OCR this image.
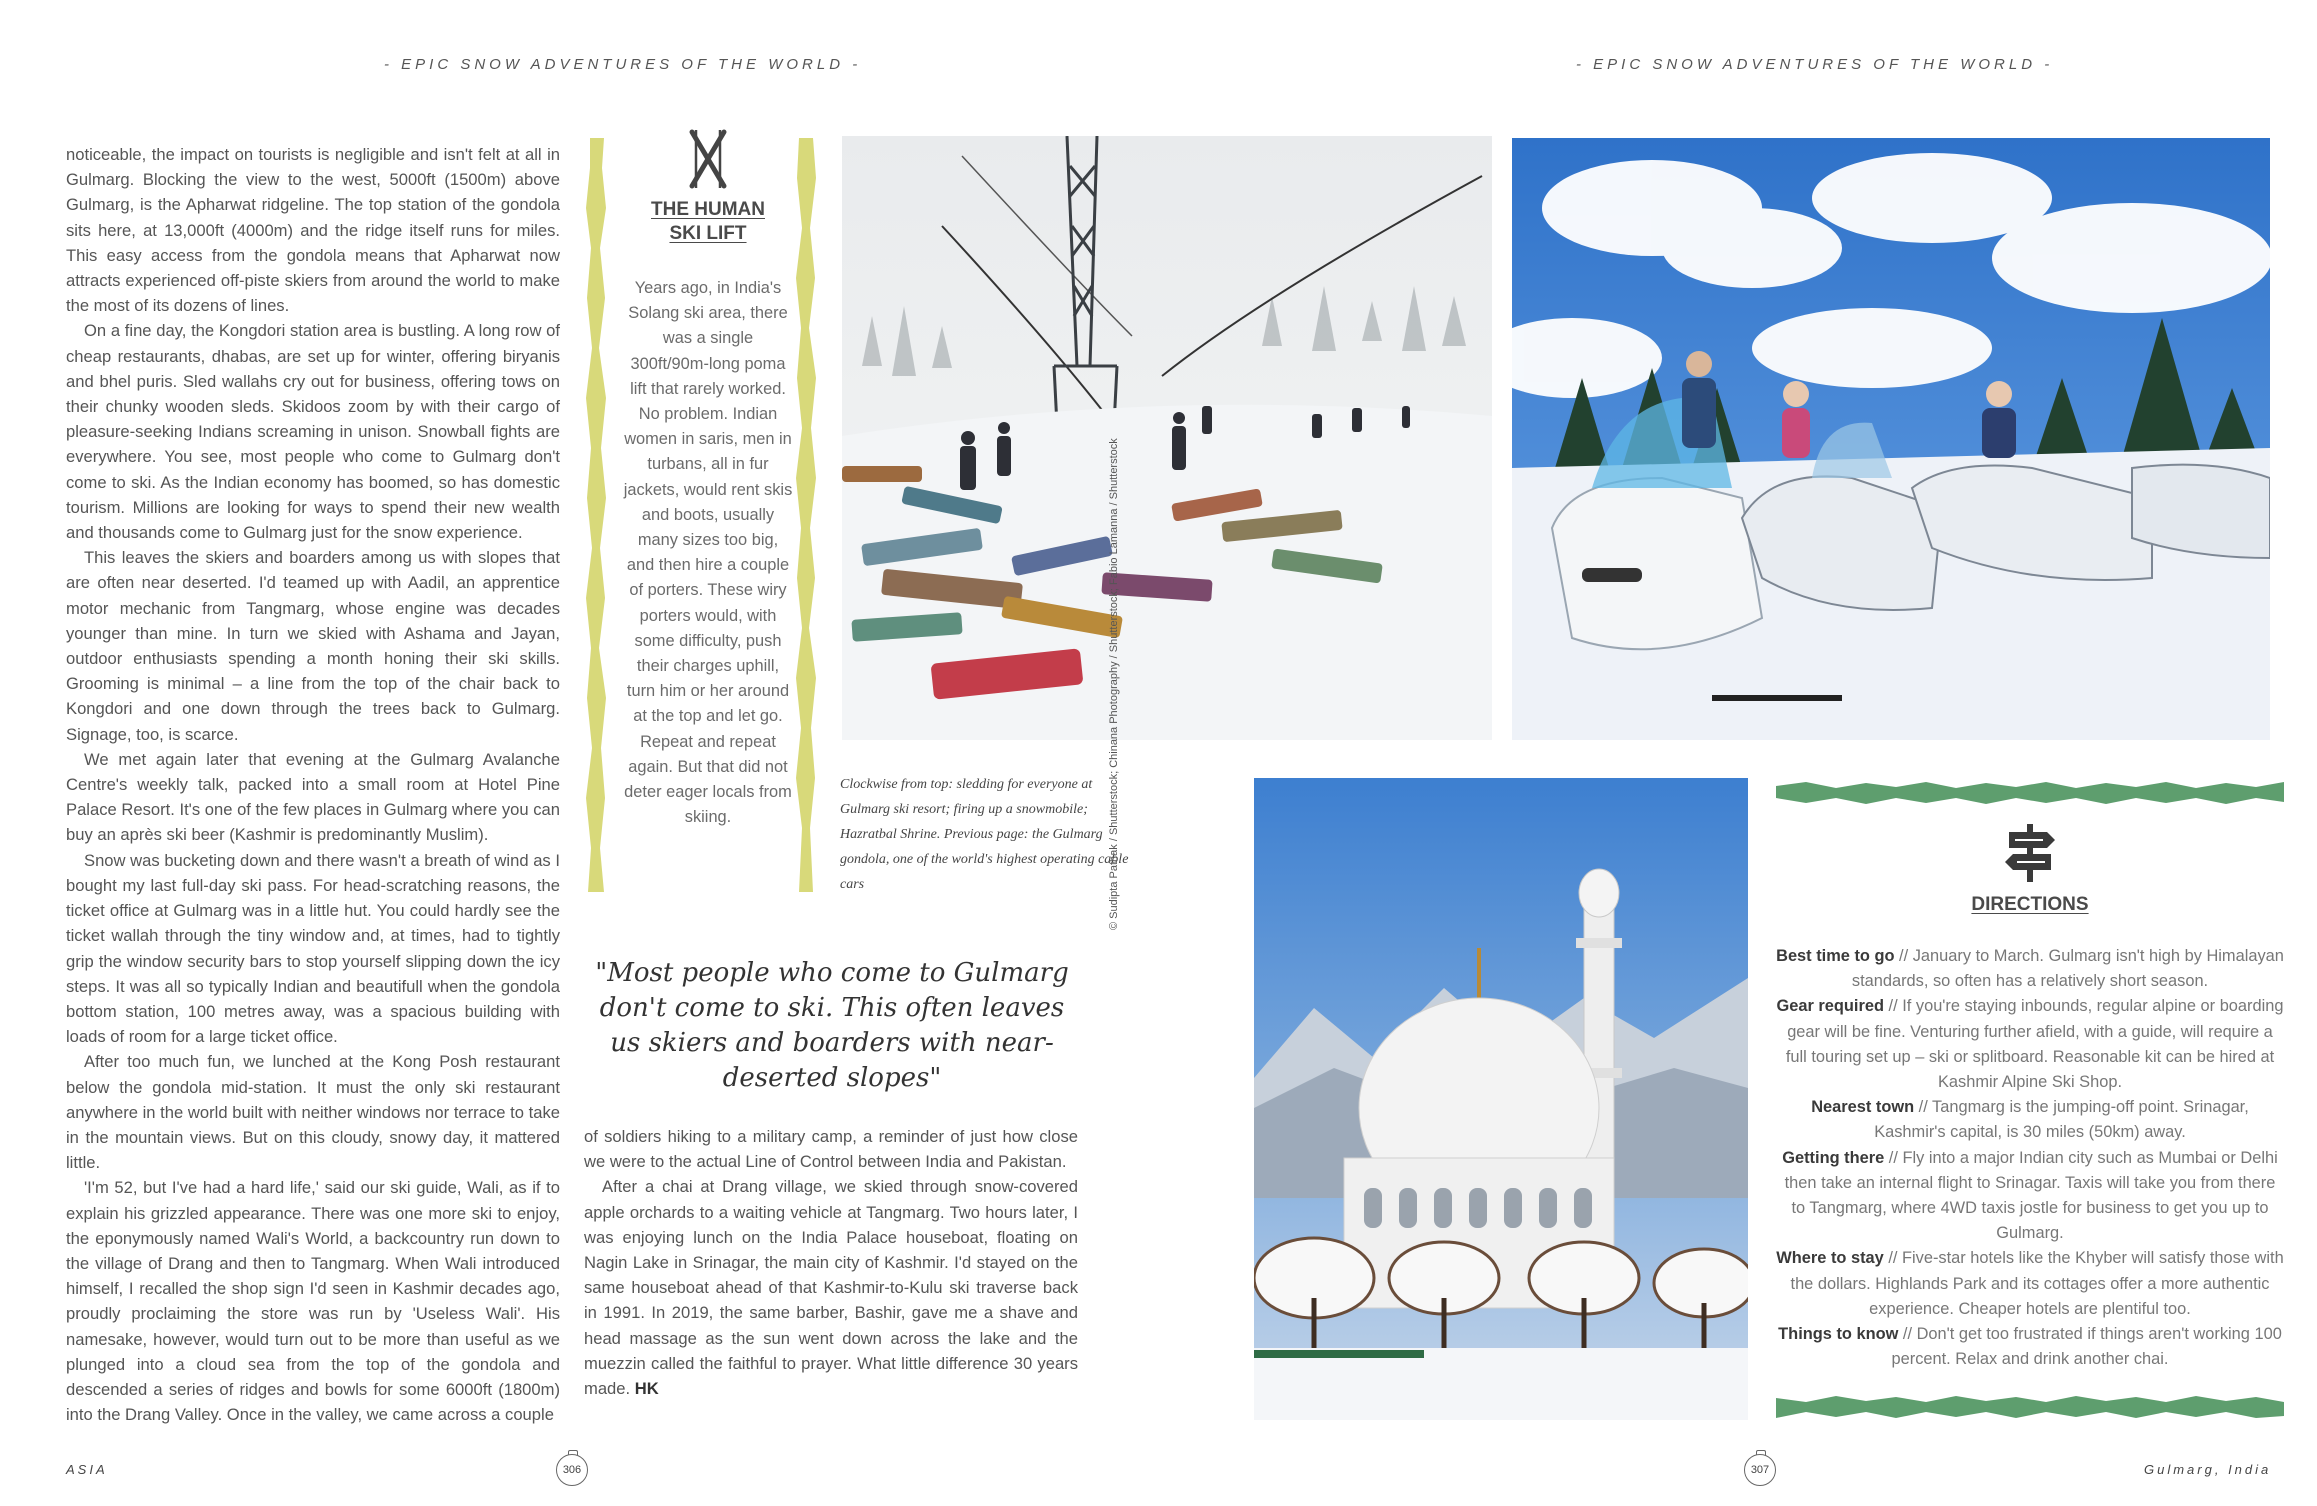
- EPIC SNOW ADVENTURES OF THE WORLD -	- EPIC SNOW ADVENTURES OF THE WORLD -

noticeable, the impact on tourists is negligible and isn't felt at all in Gulmarg. Blocking the view to the west, 5000ft (1500m) above Gulmarg, is the Apharwat ridgeline. The top station of the gondola sits here, at 13,000ft (4000m) and the ridge itself runs for miles. This easy access from the gondola means that Apharwat now attracts experienced off-piste skiers from around the world to make the most of its dozens of lines.

On a fine day, the Kongdori station area is bustling. A long row of cheap restaurants, dhabas, are set up for winter, offering biryanis and bhel puris. Sled wallahs cry out for business, offering tows on their chunky wooden sleds. Skidoos zoom by with their cargo of pleasure-seeking Indians screaming in unison. Snowball fights are everywhere. You see, most people who come to Gulmarg don't come to ski. As the Indian economy has boomed, so has domestic tourism. Millions are looking for ways to spend their new wealth and thousands come to Gulmarg just for the snow experience.

This leaves the skiers and boarders among us with slopes that are often near deserted. I'd teamed up with Aadil, an apprentice motor mechanic from Tangmarg, whose engine was decades younger than mine. In turn we skied with Ashama and Jayan, outdoor enthusiasts spending a month honing their ski skills. Grooming is minimal – a line from the top of the chair back to Kongdori and one down through the trees back to Gulmarg. Signage, too, is scarce.

We met again later that evening at the Gulmarg Avalanche Centre's weekly talk, packed into a small room at Hotel Pine Palace Resort. It's one of the few places in Gulmarg where you can buy an après ski beer (Kashmir is predominantly Muslim).

Snow was bucketing down and there wasn't a breath of wind as I bought my last full-day ski pass. For head-scratching reasons, the ticket office at Gulmarg was in a little hut. You could hardly see the ticket wallah through the tiny window and, at times, had to tightly grip the window security bars to stop yourself slipping down the icy steps. It was all so typically Indian and beautifull when the gondola bottom station, 100 metres away, was a spacious building with loads of room for a large ticket office.

After too much fun, we lunched at the Kong Posh restaurant below the gondola mid-station. It must the only ski restaurant anywhere in the world built with neither windows nor terrace to take in the mountain views. But on this cloudy, snowy day, it mattered little.

'I'm 52, but I've had a hard life,' said our ski guide, Wali, as if to explain his grizzled appearance. There was one more ski to enjoy, the eponymously named Wali's World, a backcountry run down to the village of Drang and then to Tangmarg. When Wali introduced himself, I recalled the shop sign I'd seen in Kashmir decades ago, proudly proclaiming the store was run by 'Useless Wali'. His namesake, however, would turn out to be more than useful as we plunged into a cloud sea from the top of the gondola and descended a series of ridges and bowls for some 6000ft (1800m) into the Drang Valley. Once in the valley, we came across a couple

THE HUMAN
SKI LIFT
Years ago, in India's Solang ski area, there was a single 300ft/90m-long poma lift that rarely worked. No problem. Indian women in saris, men in turbans, all in fur jackets, would rent skis and boots, usually many sizes too big, and then hire a couple of porters. These wiry porters would, with some difficulty, push their charges uphill, turn him or her around at the top and let go. Repeat and repeat again. But that did not deter eager locals from skiing.
Clockwise from top: sledding for everyone at Gulmarg ski resort; firing up a snowmobile; Hazratbal Shrine. Previous page: the Gulmarg gondola, one of the world's highest operating cable cars
"Most people who come to Gulmarg don't come to ski. This often leaves us skiers and boarders with near-deserted slopes"

of soldiers hiking to a military camp, a reminder of just how close we were to the actual Line of Control between India and Pakistan.

After a chai at Drang village, we skied through snow-covered apple orchards to a waiting vehicle at Tangmarg. Two hours later, I was enjoying lunch on the India Palace houseboat, floating on Nagin Lake in Srinagar, the main city of Kashmir. I'd stayed on the same houseboat ahead of that Kashmir-to-Kulu ski traverse back in 1991. In 2019, the same barber, Bashir, gave me a shave and head massage as the sun went down across the lake and the muezzin called the faithful to prayer. What little difference 30 years made. HK

© Sudipta Pathak / Shutterstock; Chinana Photography / Shutterstock; Fabio Lamanna / Shutterstock	DIRECTIONS
Best time to go // January to March. Gulmarg isn't high by Himalayan standards, so often has a relatively short season.
Gear required // If you're staying inbounds, regular alpine or boarding gear will be fine. Venturing further afield, with a guide, will require a full touring set up – ski or splitboard. Reasonable kit can be hired at Kashmir Alpine Ski Shop.
Nearest town // Tangmarg is the jumping-off point. Srinagar, Kashmir's capital, is 30 miles (50km) away.
Getting there // Fly into a major Indian city such as Mumbai or Delhi then take an internal flight to Srinagar. Taxis will take you from there to Tangmarg, where 4WD taxis jostle for business to get you up to Gulmarg.
Where to stay // Five-star hotels like the Khyber will satisfy those with the dollars. Highlands Park and its cottages offer a more authentic experience. Cheaper hotels are plentiful too.
Things to know // Don't get too frustrated if things aren't working 100 percent. Relax and drink another chai.
ASIA	306	307	Gulmarg, India
